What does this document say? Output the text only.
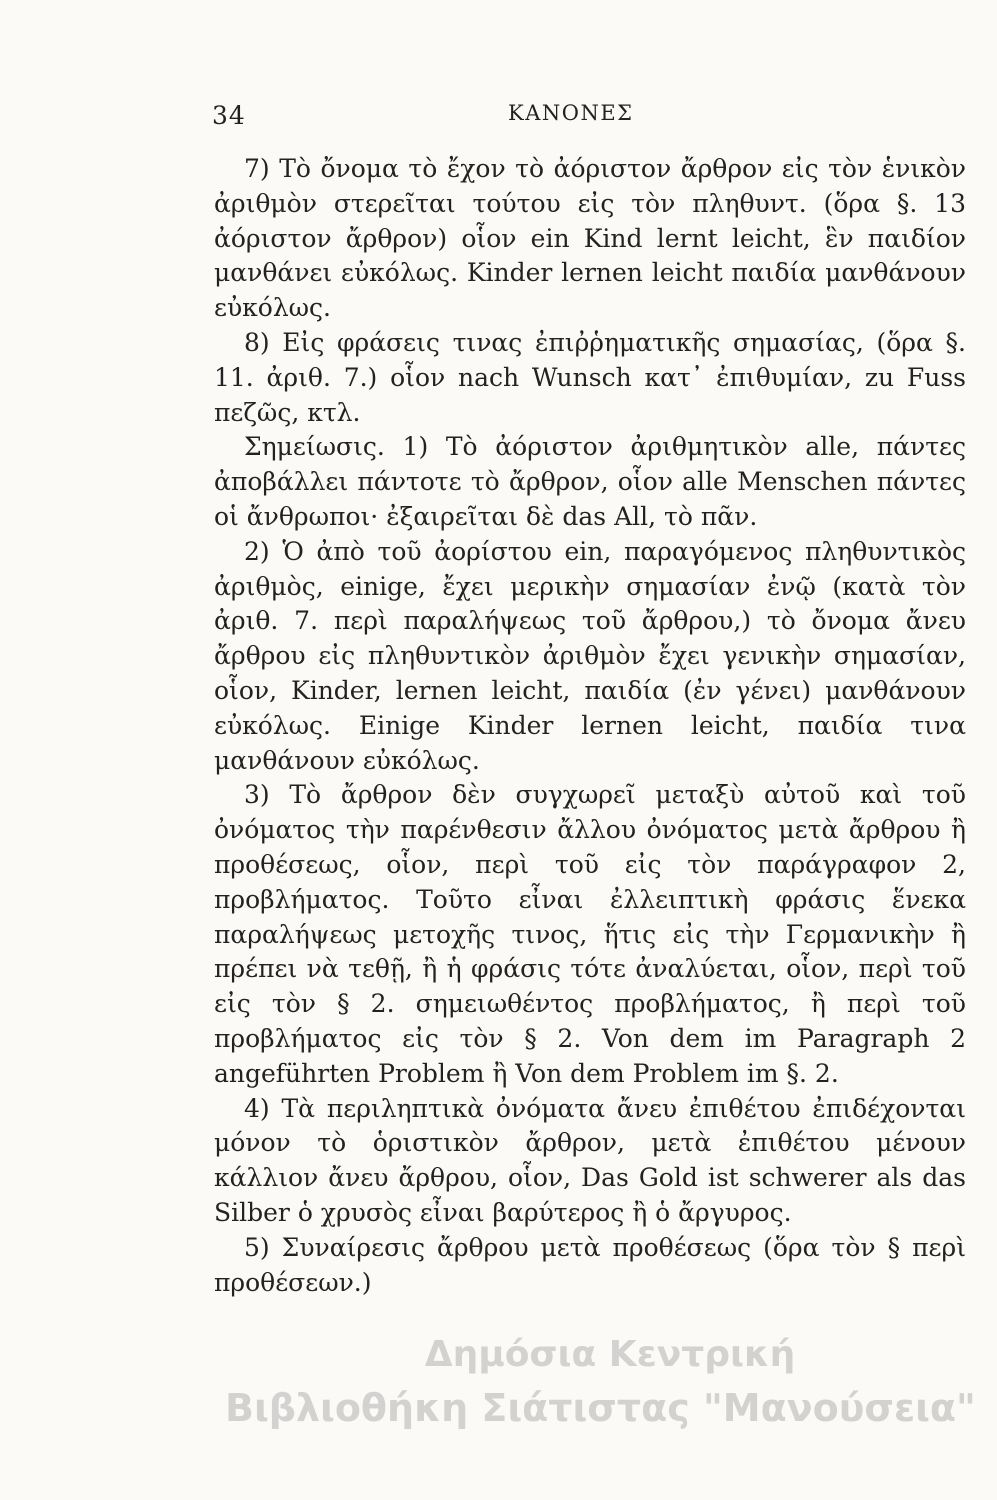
34	ΚΑΝΟΝΕΣ

7) Τὸ ὄνομα τὸ ἔχον τὸ ἀόριστον ἄρθρον εἰς τὸν ἑνικὸν ἀριθμὸν στερεῖται τούτου εἰς τὸν πληθυντ. (ὅρα §. 13 ἀόριστον ἄρθρον) οἷον ein Kind lernt leicht, ἓν παιδίον μανθάνει εὐκόλως. Kinder lernen leicht παιδία μανθάνουν εὐκόλως.

8) Εἰς φράσεις τινας ἐπιῤῥηματικῆς σημασίας, (ὅρα §. 11. ἀριθ. 7.) οἷον nach Wunsch κατ᾽ ἐπιθυμίαν, zu Fuss πεζῶς, κτλ.

Σημείωσις. 1) Τὸ ἀόριστον ἀριθμητικὸν alle, πάντες ἀποβάλλει πάντοτε τὸ ἄρθρον, οἷον alle Menschen πάντες οἱ ἄνθρωποι· ἐξαιρεῖται δὲ das All, τὸ πᾶν.

2) Ὁ ἀπὸ τοῦ ἀορίστου ein, παραγόμενος πληθυντικὸς ἀριθμὸς, einige, ἔχει μερικὴν σημασίαν ἐνῷ (κατὰ τὸν ἀριθ. 7. περὶ παραλήψεως τοῦ ἄρθρου,) τὸ ὄνομα ἄνευ ἄρθρου εἰς πληθυντικὸν ἀριθμὸν ἔχει γενικὴν σημασίαν, οἷον, Kinder, lernen leicht, παιδία (ἐν γένει) μανθάνουν εὐκόλως. Einige Kinder lernen leicht, παιδία τινα μανθάνουν εὐκόλως.

3) Τὸ ἄρθρον δὲν συγχωρεῖ μεταξὺ αὐτοῦ καὶ τοῦ ὀνόματος τὴν παρένθεσιν ἄλλου ὀνόματος μετὰ ἄρθρου ἢ προθέσεως, οἷον, περὶ τοῦ εἰς τὸν παράγραφον 2, προβλήματος. Τοῦτο εἶναι ἐλλειπτικὴ φράσις ἕνεκα παραλήψεως μετοχῆς τινος, ἥτις εἰς τὴν Γερμανικὴν ἢ πρέπει νὰ τεθῇ, ἢ ἡ φράσις τότε ἀναλύεται, οἷον, περὶ τοῦ εἰς τὸν § 2. σημειωθέντος προβλήματος, ἢ περὶ τοῦ προβλήματος εἰς τὸν § 2. Von dem im Paragraph 2 angeführten Problem ἢ Von dem Problem im §. 2.

4) Τὰ περιληπτικὰ ὀνόματα ἄνευ ἐπιθέτου ἐπιδέχονται μόνον τὸ ὁριστικὸν ἄρθρον, μετὰ ἐπιθέτου μένουν κάλλιον ἄνευ ἄρθρου, οἷον, Das Gold ist schwerer als das Silber ὁ χρυσὸς εἶναι βαρύτερος ἢ ὁ ἄργυρος.

5) Συναίρεσις ἄρθρου μετὰ προθέσεως (ὅρα τὸν § περὶ προθέσεων.)

Δημόσια Κεντρική
Βιβλιοθήκη Σιάτιστας "Μανούσεια"
